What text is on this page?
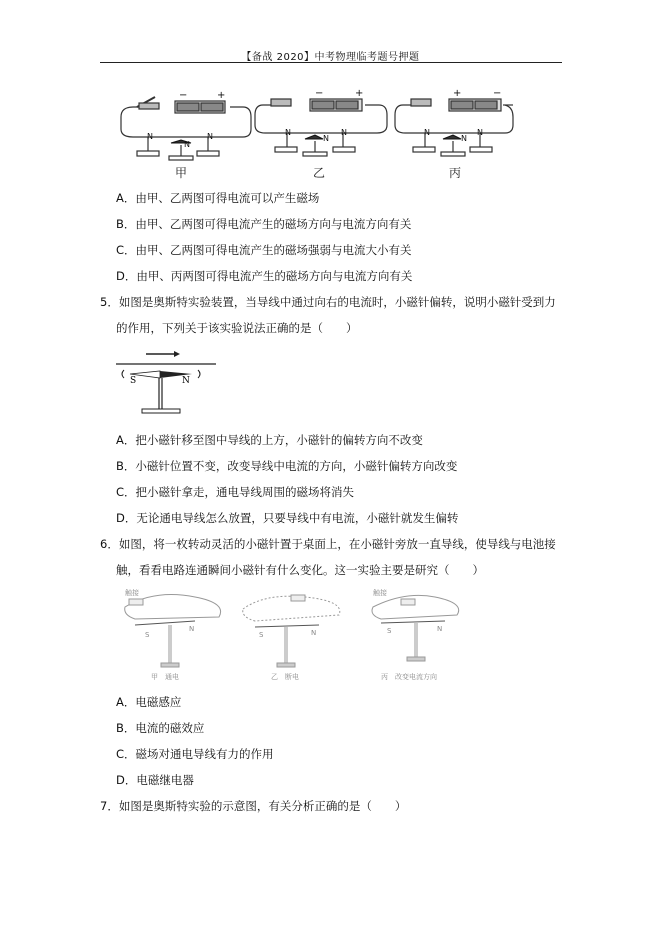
【备战 2020】中考物理临考题号押题
−	+	−	+	+	−
N	N
N
N	N
N
N	N
N
甲	乙	丙
A．由甲、乙两图可得电流可以产生磁场
B．由甲、乙两图可得电流产生的磁场方向与电流方向有关
C．由甲、乙两图可得电流产生的磁场强弱与电流大小有关
D．由甲、丙两图可得电流产生的磁场方向与电流方向有关
5．如图是奥斯特实验装置，当导线中通过向右的电流时，小磁针偏转，说明小磁针受到力
的作用，下列关于该实验说法正确的是（　　）
S	N
A．把小磁针移至图中导线的上方，小磁针的偏转方向不改变
B．小磁针位置不变，改变导线中电流的方向，小磁针偏转方向改变
C．把小磁针拿走，通电导线周围的磁场将消失
D．无论通电导线怎么放置，只要导线中有电流，小磁针就发生偏转
6．如图，将一枚转动灵活的小磁针置于桌面上，在小磁针旁放一直导线，使导线与电池接
触，看看电路连通瞬间小磁针有什么变化。这一实验主要是研究（　　）
触接	触接
S
N
S	N	S	N
甲　通电	乙　断电	丙　改变电流方向
A．电磁感应
B．电流的磁效应
C．磁场对通电导线有力的作用
D．电磁继电器
7．如图是奥斯特实验的示意图，有关分析正确的是（　　）
